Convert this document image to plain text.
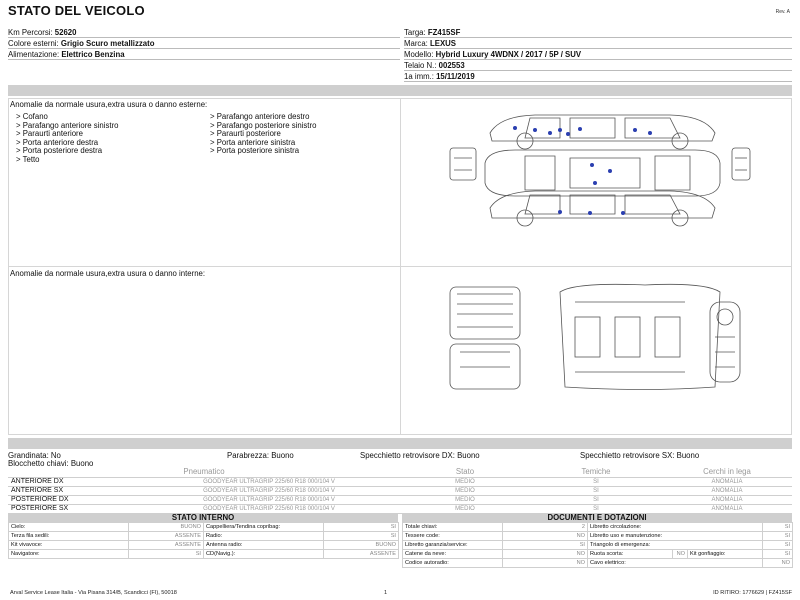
STATO DEL VEICOLO	Rev. A
Km Percorsi: 52620
Colore esterni: Grigio Scuro metallizzato
Alimentazione: Elettrico Benzina
Targa: FZ415SF
Marca: LEXUS
Modello: Hybrid Luxury 4WDNX / 2017 / 5P / SUV
Telaio N.: 002553
1a imm.: 15/11/2019
Anomalie da normale usura,extra usura o danno esterne:
> Cofano
> Parafango anteriore sinistro
> Paraurti anteriore
> Porta anteriore destra
> Porta posteriore destra
> Tetto
> Parafango anteriore destro
> Parafango posteriore sinistro
> Paraurti posteriore
> Porta anteriore sinistra
> Porta posteriore sinistra
Anomalie da normale usura,extra usura o danno interne:
Grandinata: No	Parabrezza: Buono	Specchietto retrovisore DX: Buono	Specchietto retrovisore SX: Buono
Blocchetto chiavi: Buono
Pneumatico		Stato	Temiche	Cerchi in lega
ANTERIORE DX	GOODYEAR ULTRAGRIP 225/60 R18 000/104 V	MEDIO	SI	ANOMALIA
ANTERIORE SX	GOODYEAR ULTRAGRIP 225/60 R18 000/104 V	MEDIO	SI	ANOMALIA
POSTERIORE DX	GOODYEAR ULTRAGRIP 225/60 R18 000/104 V	MEDIO	SI	ANOMALIA
POSTERIORE SX	GOODYEAR ULTRAGRIP 225/60 R18 000/104 V	MEDIO	SI	ANOMALIA
STATO INTERNO
Cielo:	BUONO	Cappelliera/Tendina copribag:	SI
Terza fila sedili:	ASSENTE	Radio:	SI
Kit vivavoce:	ASSENTE	Antenna radio:	BUONO
Navigatore:	SI	CD(Navig.):	ASSENTE
DOCUMENTI E DOTAZIONI
Totale chiavi:	2	Libretto circolazione:			SI
Tessere code:	NO	Libretto uso e manutenzione:			SI
Libretto garanzia/service:	SI	Triangolo di emergenza:			SI
Catene da neve:	NO	Ruota scorta:	NO	Kit gonfiaggio:	SI
Codice autoradio:	NO	Cavo elettrico:			NO
Arval Service Lease Italia - Via Pisana 314/B, Scandicci (FI), 50018	1	ID RITIRO: 1776629 | FZ415SF
